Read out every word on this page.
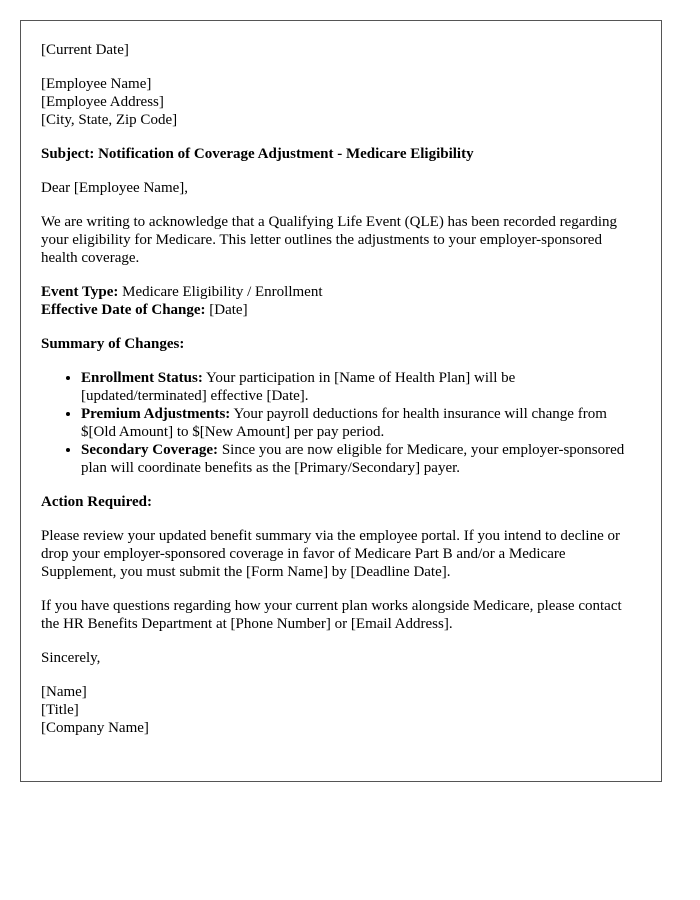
[Current Date]

[Employee Name]
[Employee Address]
[City, State, Zip Code]

Subject: Notification of Coverage Adjustment - Medicare Eligibility

Dear [Employee Name],

We are writing to acknowledge that a Qualifying Life Event (QLE) has been recorded regarding your eligibility for Medicare. This letter outlines the adjustments to your employer-sponsored health coverage.

Event Type: Medicare Eligibility / Enrollment
Effective Date of Change: [Date]

Summary of Changes:

• Enrollment Status: Your participation in [Name of Health Plan] will be [updated/terminated] effective [Date].
• Premium Adjustments: Your payroll deductions for health insurance will change from $[Old Amount] to $[New Amount] per pay period.
• Secondary Coverage: Since you are now eligible for Medicare, your employer-sponsored plan will coordinate benefits as the [Primary/Secondary] payer.

Action Required:

Please review your updated benefit summary via the employee portal. If you intend to decline or drop your employer-sponsored coverage in favor of Medicare Part B and/or a Medicare Supplement, you must submit the [Form Name] by [Deadline Date].

If you have questions regarding how your current plan works alongside Medicare, please contact the HR Benefits Department at [Phone Number] or [Email Address].

Sincerely,

[Name]
[Title]
[Company Name]
